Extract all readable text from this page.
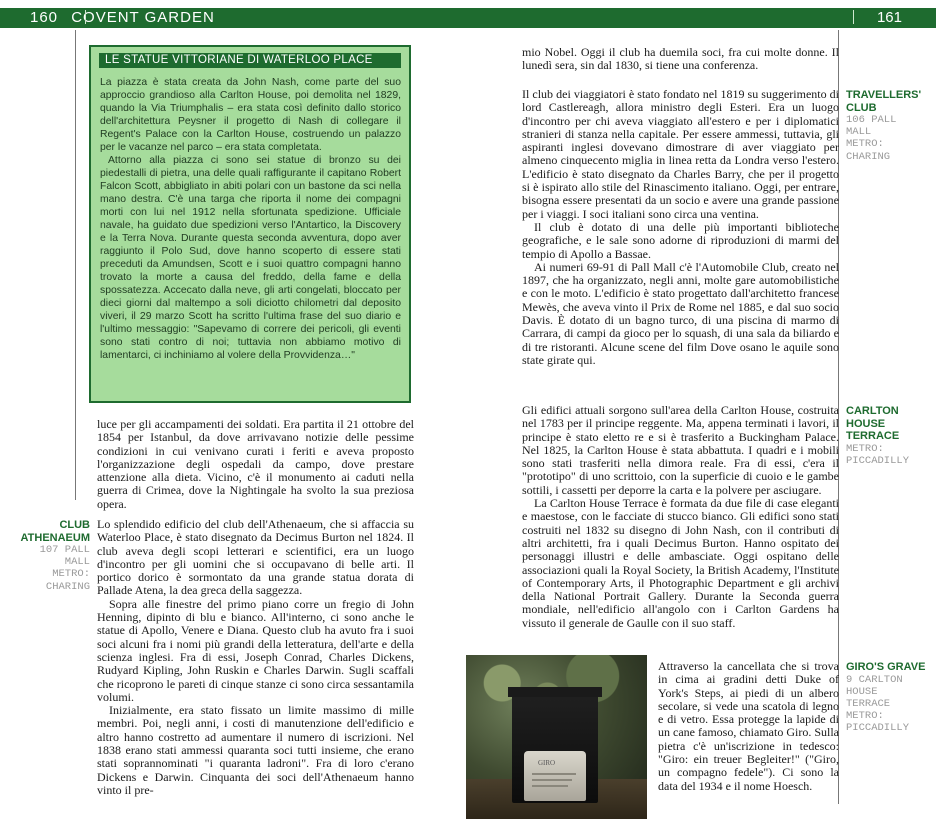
160 COVENT GARDEN	161
LE STATUE VITTORIANE DI WATERLOO PLACE

La piazza è stata creata da John Nash, come parte del suo approccio grandioso alla Carlton House, poi demolita nel 1829, quando la Via Triumphalis – era stata così definito dallo storico dell'architettura Peysner il progetto di Nash di collegare il Regent's Palace con la Carlton House, costruendo un palazzo per le vacanze nel parco – era stata completata.

Attorno alla piazza ci sono sei statue di bronzo su dei piedestalli di pietra, una delle quali raffigurante il capitano Robert Falcon Scott, abbigliato in abiti polari con un bastone da sci nella mano destra. C'è una targa che riporta il nome dei compagni morti con lui nel 1912 nella sfortunata spedizione. Ufficiale navale, ha guidato due spedizioni verso l'Antartico, la Discovery e la Terra Nova. Durante questa seconda avventura, dopo aver raggiunto il Polo Sud, dove hanno scoperto di essere stati preceduti da Amundsen, Scott e i suoi quattro compagni hanno trovato la morte a causa del freddo, della fame e della spossatezza. Accecato dalla neve, gli arti congelati, bloccato per dieci giorni dal maltempo a soli diciotto chilometri dal deposito viveri, il 29 marzo Scott ha scritto l'ultima frase del suo diario e l'ultimo messaggio: "Sapevamo di correre dei pericoli, gli eventi sono stati contro di noi; tuttavia non abbiamo motivo di lamentarci, ci inchiniamo al volere della Provvidenza…"

luce per gli accampamenti dei soldati. Era partita il 21 ottobre del 1854 per Istanbul, da dove arrivavano notizie delle pessime condizioni in cui venivano curati i feriti e aveva proposto l'organizzazione degli ospedali da campo, dove prestare attenzione alla dieta. Vicino, c'è il monumento ai caduti nella guerra di Crimea, dove la Nightingale ha svolto la sua preziosa opera.

Lo splendido edificio del club dell'Athenaeum, che si affaccia su Waterloo Place, è stato disegnato da Decimus Burton nel 1824. Il club aveva degli scopi letterari e scientifici, era un luogo d'incontro per gli uomini che si occupavano di belle arti. Il portico dorico è sormontato da una grande statua dorata di Pallade Atena, la dea greca della saggezza.

Sopra alle finestre del primo piano corre un fregio di John Henning, dipinto di blu e bianco. All'interno, ci sono anche le statue di Apollo, Venere e Diana. Questo club ha avuto fra i suoi soci alcuni fra i nomi più grandi della letteratura, dell'arte e della scienza inglesi. Fra di essi, Joseph Conrad, Charles Dickens, Rudyard Kipling, John Ruskin e Charles Darwin. Sugli scaffali che ricoprono le pareti di cinque stanze ci sono circa sessantamila volumi.

Inizialmente, era stato fissato un limite massimo di mille membri. Poi, negli anni, i costi di manutenzione dell'edificio e altro hanno costretto ad aumentare il numero di iscrizioni. Nel 1838 erano stati ammessi quaranta soci tutti insieme, che erano stati soprannominati "i quaranta ladroni". Fra di loro c'erano Dickens e Darwin. Cinquanta dei soci dell'Athenaeum hanno vinto il pre-

CLUB
ATHENAEUM
107 PALL
MALL
METRO:
CHARING

mio Nobel. Oggi il club ha duemila soci, fra cui molte donne. Il lunedì sera, sin dal 1830, si tiene una conferenza.

Il club dei viaggiatori è stato fondato nel 1819 su suggerimento di lord Castlereagh, allora ministro degli Esteri. Era un luogo d'incontro per chi aveva viaggiato all'estero e per i diplomatici stranieri di stanza nella capitale. Per essere ammessi, tuttavia, gli aspiranti inglesi dovevano dimostrare di aver viaggiato per almeno cinquecento miglia in linea retta da Londra verso l'estero. L'edificio è stato disegnato da Charles Barry, che per il progetto si è ispirato allo stile del Rinascimento italiano. Oggi, per entrare, bisogna essere presentati da un socio e avere una grande passione per i viaggi. I soci italiani sono circa una ventina.

Il club è dotato di una delle più importanti biblioteche geografiche, e le sale sono adorne di riproduzioni di marmi del tempio di Apollo a Bassae.

Ai numeri 69-91 di Pall Mall c'è l'Automobile Club, creato nel 1897, che ha organizzato, negli anni, molte gare automobilistiche e con le moto. L'edificio è stato progettato dall'architetto francese Mewès, che aveva vinto il Prix de Rome nel 1885, e dal suo socio Davis. È dotato di un bagno turco, di una piscina di marmo di Carrara, di campi da gioco per lo squash, di una sala da biliardo e di tre ristoranti. Alcune scene del film Dove osano le aquile sono state girate qui.

Gli edifici attuali sorgono sull'area della Carlton House, costruita nel 1783 per il principe reggente. Ma, appena terminati i lavori, il principe è stato eletto re e si è trasferito a Buckingham Palace. Nel 1825, la Carlton House è stata abbattuta. I quadri e i mobili sono stati trasferiti nella dimora reale. Fra di essi, c'era il "prototipo" di uno scrittoio, con la superficie di cuoio e le gambe sottili, i cassetti per deporre la carta e la polvere per asciugare.

La Carlton House Terrace è formata da due file di case eleganti e maestose, con le facciate di stucco bianco. Gli edifici sono stati costruiti nel 1832 su disegno di John Nash, con il contributi di altri architetti, fra i quali Decimus Burton. Hanno ospitato dei personaggi illustri e delle ambasciate. Oggi ospitano delle associazioni quali la Royal Society, la British Academy, l'Institute of Contemporary Arts, il Photographic Department e gli archivi della National Portrait Gallery. Durante la Seconda guerra mondiale, nell'edificio all'angolo con i Carlton Gardens ha vissuto il generale de Gaulle con il suo staff.

Attraverso la cancellata che si trova in cima ai gradini detti Duke of York's Steps, ai piedi di un albero secolare, si vede una scatola di legno e di vetro. Essa protegge la lapide di un cane famoso, chiamato Giro. Sulla pietra c'è un'iscrizione in tedesco: "Giro: ein treuer Begleiter!" ("Giro, un compagno fedele"). Ci sono la data del 1934 e il nome Hoesch.

TRAVELLERS'
CLUB
106 PALL
MALL
METRO:
CHARING
CARLTON HOUSE
TERRACE
METRO:
PICCADILLY
GIRO'S GRAVE
9 CARLTON
HOUSE
TERRACE
METRO:
PICCADILLY
GIRO
